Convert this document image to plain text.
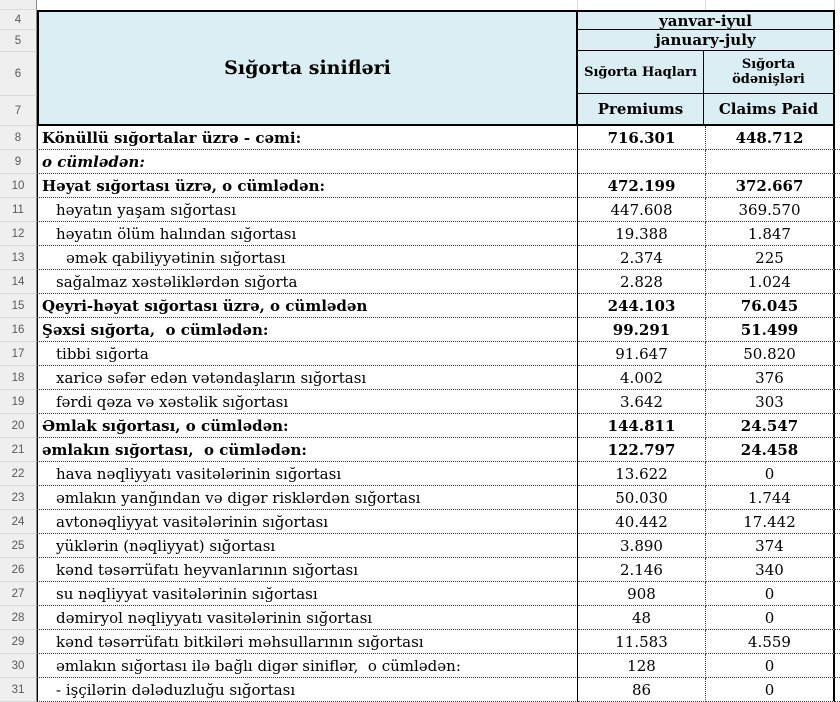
4
5
6
7
Sığorta sinifləri
yanvar-iyul
january-july
Sığorta Haqları	Sığorta ödənişləri
Premiums	Claims Paid
8	Könüllü sığortalar üzrə - cəmi:	716.301	448.712
9	o cümlədən:
10	Həyat sığortası üzrə, o cümlədən:	472.199	372.667
11	həyatın yaşam sığortası	447.608	369.570
12	həyatın ölüm halından sığortası	19.388	1.847
13	əmək qabiliyyətinin sığortası	2.374	225
14	sağalmaz xəstəliklərdən sığorta	2.828	1.024
15	Qeyri-həyat sığortası üzrə, o cümlədən	244.103	76.045
16	Şəxsi sığorta,  o cümlədən:	99.291	51.499
17	tibbi sığorta	91.647	50.820
18	xaricə səfər edən vətəndaşların sığortası	4.002	376
19	fərdi qəza və xəstəlik sığortası	3.642	303
20	Əmlak sığortası, o cümlədən:	144.811	24.547
21	əmlakın sığortası,  o cümlədən:	122.797	24.458
22	hava nəqliyyatı vasitələrinin sığortası	13.622	0
23	əmlakın yanğından və digər risklərdən sığortası	50.030	1.744
24	avtonəqliyyat vasitələrinin sığortası	40.442	17.442
25	yüklərin (nəqliyyat) sığortası	3.890	374
26	kənd təsərrüfatı heyvanlarının sığortası	2.146	340
27	su nəqliyyat vasitələrinin sığortası	908	0
28	dəmiryol nəqliyyatı vasitələrinin sığortası	48	0
29	kənd təsərrüfatı bitkiləri məhsullarının sığortası	11.583	4.559
30	əmlakın sığortası ilə bağlı digər siniflər,  o cümlədən:	128	0
31	- işçilərin dələduzluğu sığortası	86	0
